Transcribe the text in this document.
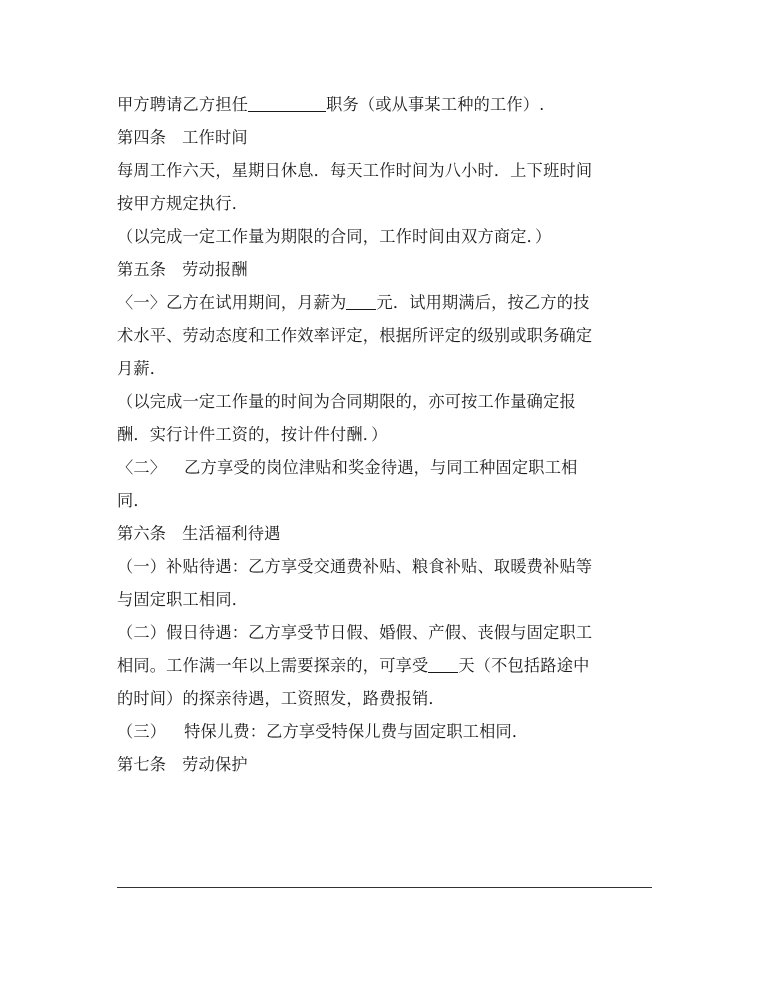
甲方聘请乙方担任	职务（或从事某工种的工作）.
第四条 工作时间
每周工作六天，星期日休息．每天工作时间为八小时．上下班时间
按甲方规定执行．
（以完成一定工作量为期限的合同，工作时间由双方商定．）
第五条 劳动报酬
〈一〉乙方在试用期间，月薪为 元．试用期满后，按乙方的技
术水平、劳动态度和工作效率评定，根据所评定的级别或职务确定
月薪．
（以完成一定工作量的时间为合同期限的，亦可按工作量确定报
酬．实行计件工资的，按计件付酬．）
〈二〉 乙方享受的岗位津贴和奖金待遇，与同工种固定职工相
同．
第六条 生活福利待遇
（一）补贴待遇：乙方享受交通费补贴、粮食补贴、取暖费补贴等
与固定职工相同．
（二）假日待遇：乙方享受节日假、婚假、产假、丧假与固定职工
相同。工作满一年以上需要探亲的，可享受 天（不包括路途中
的时间）的探亲待遇，工资照发，路费报销．
（三） 特保儿费：乙方享受特保儿费与固定职工相同．
第七条 劳动保护
